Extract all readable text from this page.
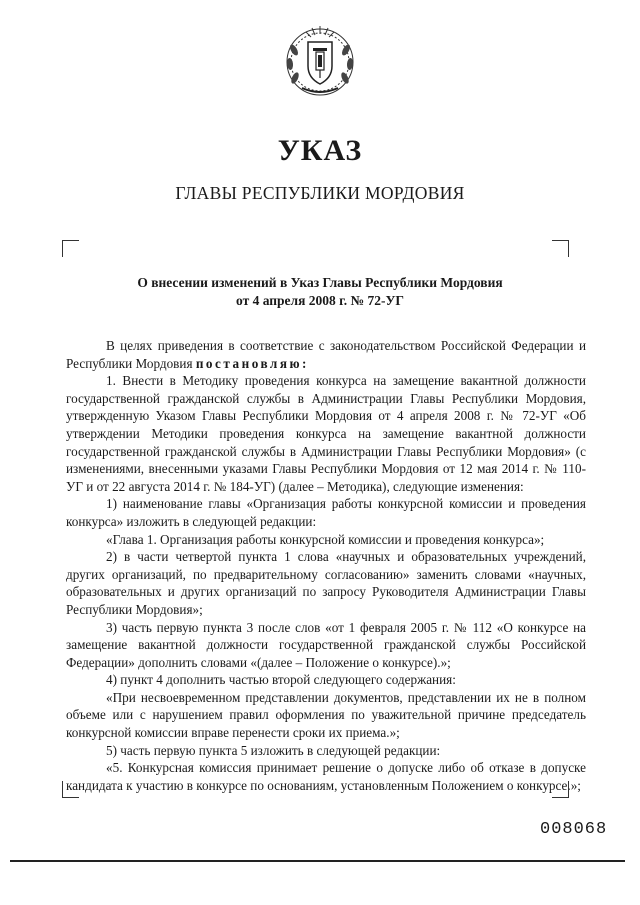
УКАЗ
ГЛАВЫ РЕСПУБЛИКИ МОРДОВИЯ
О внесении изменений в Указ Главы Республики Мордовия
от 4 апреля 2008 г. № 72-УГ

В целях приведения в соответствие с законодательством Российской Федерации и Республики Мордовия постановляю:

1. Внести в Методику проведения конкурса на замещение вакантной должности государственной гражданской службы в Администрации Главы Республики Мордовия, утвержденную Указом Главы Республики Мордовия от 4 апреля 2008 г. № 72-УГ «Об утверждении Методики проведения конкурса на замещение вакантной должности государственной гражданской службы в Администрации Главы Республики Мордовия» (с изменениями, внесенными указами Главы Республики Мордовия от 12 мая 2014 г. № 110-УГ и от 22 августа 2014 г. № 184-УГ) (далее – Методика), следующие изменения:

1) наименование главы «Организация работы конкурсной комиссии и проведения конкурса» изложить в следующей редакции:

«Глава 1. Организация работы конкурсной комиссии и проведения конкурса»;

2) в части четвертой пункта 1 слова «научных и образовательных учреждений, других организаций, по предварительному согласованию» заменить словами «научных, образовательных и других организаций по запросу Руководителя Администрации Главы Республики Мордовия»;

3) часть первую пункта 3 после слов «от 1 февраля 2005 г. № 112 «О конкурсе на замещение вакантной должности государственной гражданской службы Российской Федерации» дополнить словами «(далее – Положение о конкурсе).»;

4) пункт 4 дополнить частью второй следующего содержания:

«При несвоевременном представлении документов, представлении их не в полном объеме или с нарушением правил оформления по уважительной причине председатель конкурсной комиссии вправе перенести сроки их приема.»;

5) часть первую пункта 5 изложить в следующей редакции:

«5. Конкурсная комиссия принимает решение о допуске либо об отказе в допуске кандидата к участию в конкурсе по основаниям, установленным Положением о конкурсе.»;

008068
